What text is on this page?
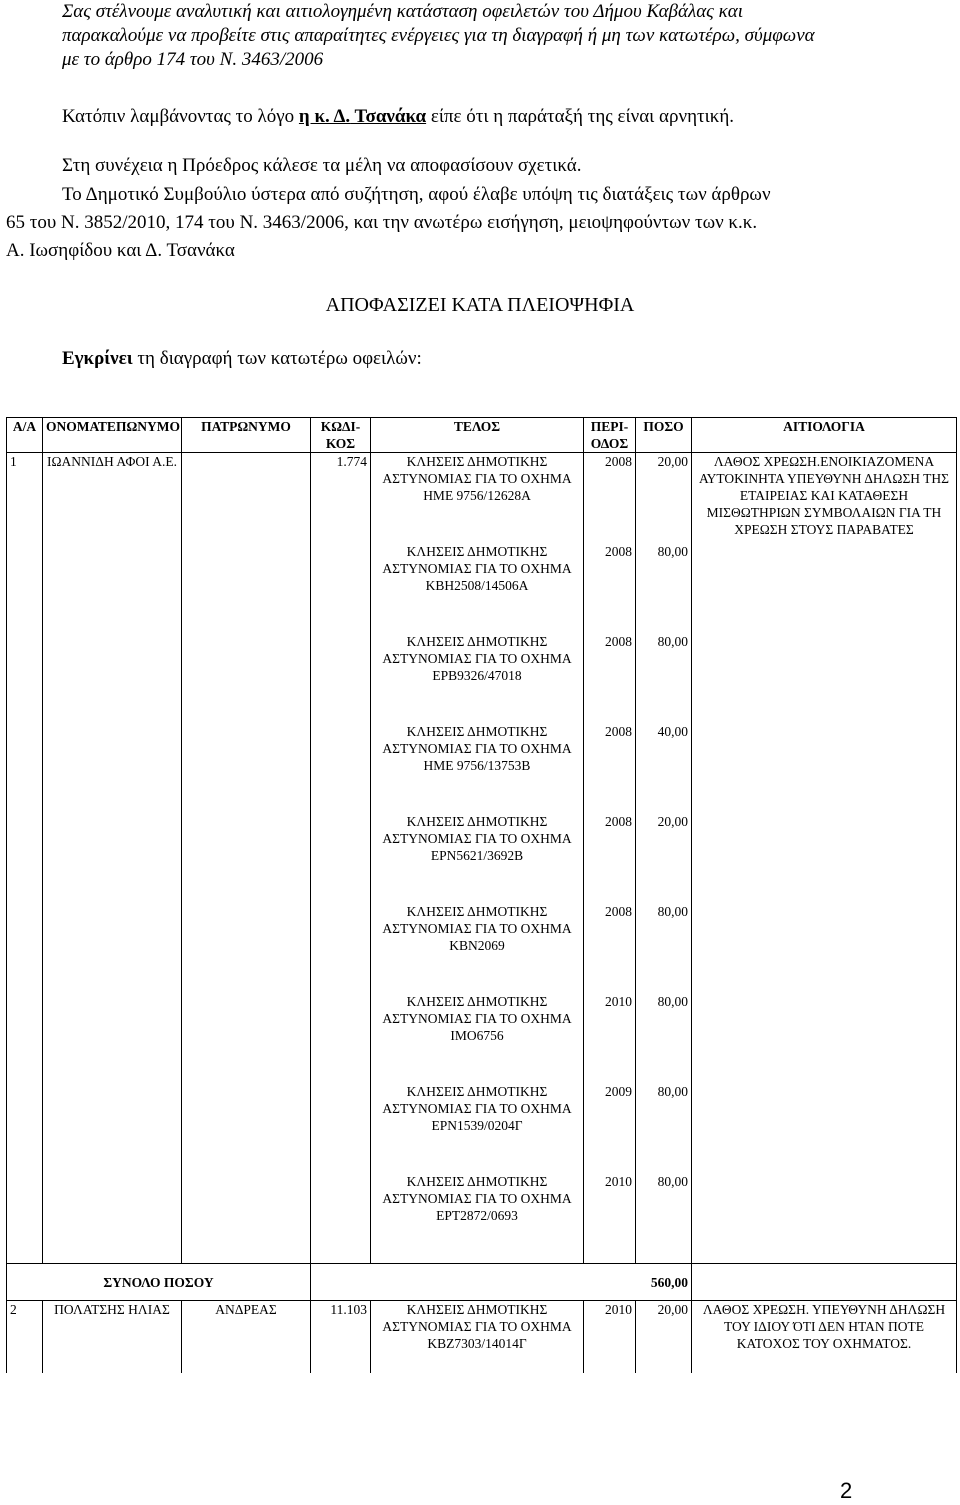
Σας στέλνουμε αναλυτική και αιτιολογημένη κατάσταση οφειλετών του Δήμου Καβάλας και
παρακαλούμε να προβείτε στις απαραίτητες ενέργειες για τη διαγραφή ή μη των κατωτέρω, σύμφωνα
με το άρθρο 174 του Ν. 3463/2006
Κατόπιν λαμβάνοντας το λόγο η κ. Δ. Τσανάκα είπε ότι η παράταξή της είναι αρνητική.
Στη συνέχεια η Πρόεδρος κάλεσε τα μέλη να αποφασίσουν σχετικά.
Το Δημοτικό Συμβούλιο ύστερα από συζήτηση, αφού έλαβε υπόψη τις διατάξεις των άρθρων
65 του Ν. 3852/2010, 174 του Ν. 3463/2006, και την ανωτέρω εισήγηση, μειοψηφούντων των κ.κ.
Α. Ιωσηφίδου και Δ. Τσανάκα
ΑΠΟΦΑΣΙΖΕΙ ΚΑΤΑ ΠΛΕΙΟΨΗΦΙΑ
Εγκρίνει τη διαγραφή των κατωτέρω οφειλών:
Α/Α	ΟΝΟΜΑΤΕΠΩΝΥΜΟ	ΠΑΤΡΩΝΥΜΟ	ΚΩΔΙ-ΚΟΣ	ΤΕΛΟΣ	ΠΕΡΙ-ΟΔΟΣ	ΠΟΣΟ	ΑΙΤΙΟΛΟΓΙΑ
1	ΙΩΑΝΝΙΔΗ ΑΦΟΙ Α.Ε.		1.774	ΚΛΗΣΕΙΣ ΔΗΜΟΤΙΚΗΣ ΑΣΤΥΝΟΜΙΑΣ ΓΙΑ ΤΟ ΟΧΗΜΑ ΗΜΕ 9756/12628Α	2008	20,00	ΛΑΘΟΣ ΧΡΕΩΣΗ.ΕΝΟΙΚΙΑΖΟΜΕΝΑ ΑΥΤΟΚΙΝΗΤΑ ΥΠΕΥΘΥΝΗ ΔΗΛΩΣΗ ΤΗΣ ΕΤΑΙΡΕΙΑΣ ΚΑΙ ΚΑΤΑΘΕΣΗ ΜΙΣΘΩΤΗΡΙΩΝ ΣΥΜΒΟΛΑΙΩΝ ΓΙΑ ΤΗ ΧΡΕΩΣΗ ΣΤΟΥΣ ΠΑΡΑΒΑΤΕΣ

				ΚΛΗΣΕΙΣ ΔΗΜΟΤΙΚΗΣ ΑΣΤΥΝΟΜΙΑΣ ΓΙΑ ΤΟ ΟΧΗΜΑ ΚΒΗ2508/14506Α	2008	80,00	

				ΚΛΗΣΕΙΣ ΔΗΜΟΤΙΚΗΣ ΑΣΤΥΝΟΜΙΑΣ ΓΙΑ ΤΟ ΟΧΗΜΑ ΕΡΒ9326/47018	2008	80,00	

				ΚΛΗΣΕΙΣ ΔΗΜΟΤΙΚΗΣ ΑΣΤΥΝΟΜΙΑΣ ΓΙΑ ΤΟ ΟΧΗΜΑ ΗΜΕ 9756/13753Β	2008	40,00	

				ΚΛΗΣΕΙΣ ΔΗΜΟΤΙΚΗΣ ΑΣΤΥΝΟΜΙΑΣ ΓΙΑ ΤΟ ΟΧΗΜΑ ΕΡΝ5621/3692Β	2008	20,00	

				ΚΛΗΣΕΙΣ ΔΗΜΟΤΙΚΗΣ ΑΣΤΥΝΟΜΙΑΣ ΓΙΑ ΤΟ ΟΧΗΜΑ ΚΒΝ2069	2008	80,00	

				ΚΛΗΣΕΙΣ ΔΗΜΟΤΙΚΗΣ ΑΣΤΥΝΟΜΙΑΣ ΓΙΑ ΤΟ ΟΧΗΜΑ ΙΜΟ6756	2010	80,00	

				ΚΛΗΣΕΙΣ ΔΗΜΟΤΙΚΗΣ ΑΣΤΥΝΟΜΙΑΣ ΓΙΑ ΤΟ ΟΧΗΜΑ ΕΡΝ1539/0204Γ	2009	80,00	

				ΚΛΗΣΕΙΣ ΔΗΜΟΤΙΚΗΣ ΑΣΤΥΝΟΜΙΑΣ ΓΙΑ ΤΟ ΟΧΗΜΑ ΕΡΤ2872/0693	2010	80,00	

ΣΥΝΟΛΟ ΠΟΣΟΥ			560,00				
2	ΠΟΛΑΤΣΗΣ ΗΛΙΑΣ	ΑΝΔΡΕΑΣ	11.103	ΚΛΗΣΕΙΣ ΔΗΜΟΤΙΚΗΣ ΑΣΤΥΝΟΜΙΑΣ ΓΙΑ ΤΟ ΟΧΗΜΑ ΚΒΖ7303/14014Γ	2010	20,00	ΛΑΘΟΣ ΧΡΕΩΣΗ. ΥΠΕΥΘΥΝΗ ΔΗΛΩΣΗ ΤΟΥ ΙΔΙΟΥ ΌΤΙ ΔΕΝ ΗΤΑΝ ΠΟΤΕ ΚΑΤΟΧΟΣ ΤΟΥ ΟΧΗΜΑΤΟΣ.
2
